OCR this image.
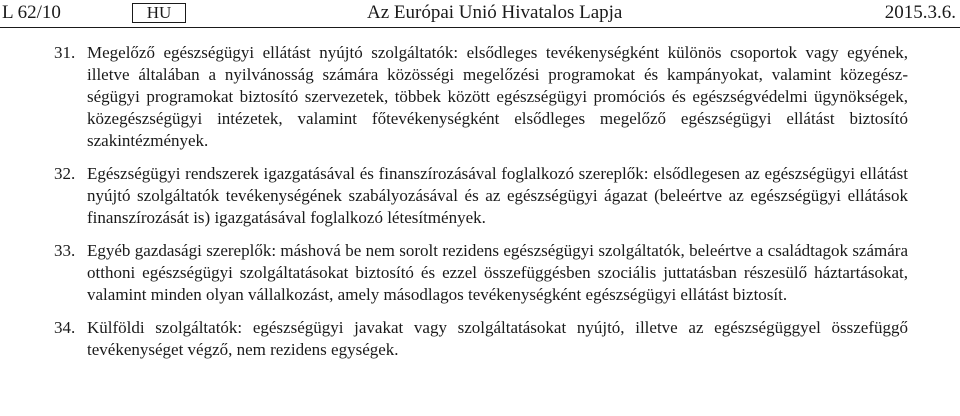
L 62/10	HU	Az Európai Unió Hivatalos Lapja	2015.3.6.
31. Megelőző egészségügyi ellátást nyújtó szolgáltatók: elsődleges tevékenységként különös csoportok vagy egyének, illetve általában a nyilvánosság számára közösségi megelőzési programokat és kampányokat, valamint közegész-ségügyi programokat biztosító szervezetek, többek között egészségügyi promóciós és egészségvédelmi ügynökségek, közegészségügyi intézetek, valamint főtevékenységként elsődleges megelőző egészségügyi ellátást biztosító szakintézmények.
32. Egészségügyi rendszerek igazgatásával és finanszírozásával foglalkozó szereplők: elsődlegesen az egészségügyi ellátást nyújtó szolgáltatók tevékenységének szabályozásával és az egészségügyi ágazat (beleértve az egészségügyi ellátások finanszírozását is) igazgatásával foglalkozó létesítmények.
33. Egyéb gazdasági szereplők: máshová be nem sorolt rezidens egészségügyi szolgáltatók, beleértve a családtagok számára otthoni egészségügyi szolgáltatásokat biztosító és ezzel összefüggésben szociális juttatásban részesülő háztartásokat, valamint minden olyan vállalkozást, amely másodlagos tevékenységként egészségügyi ellátást biztosít.
34. Külföldi szolgáltatók: egészségügyi javakat vagy szolgáltatásokat nyújtó, illetve az egészségüggyel összefüggő tevékenységet végző, nem rezidens egységek.
